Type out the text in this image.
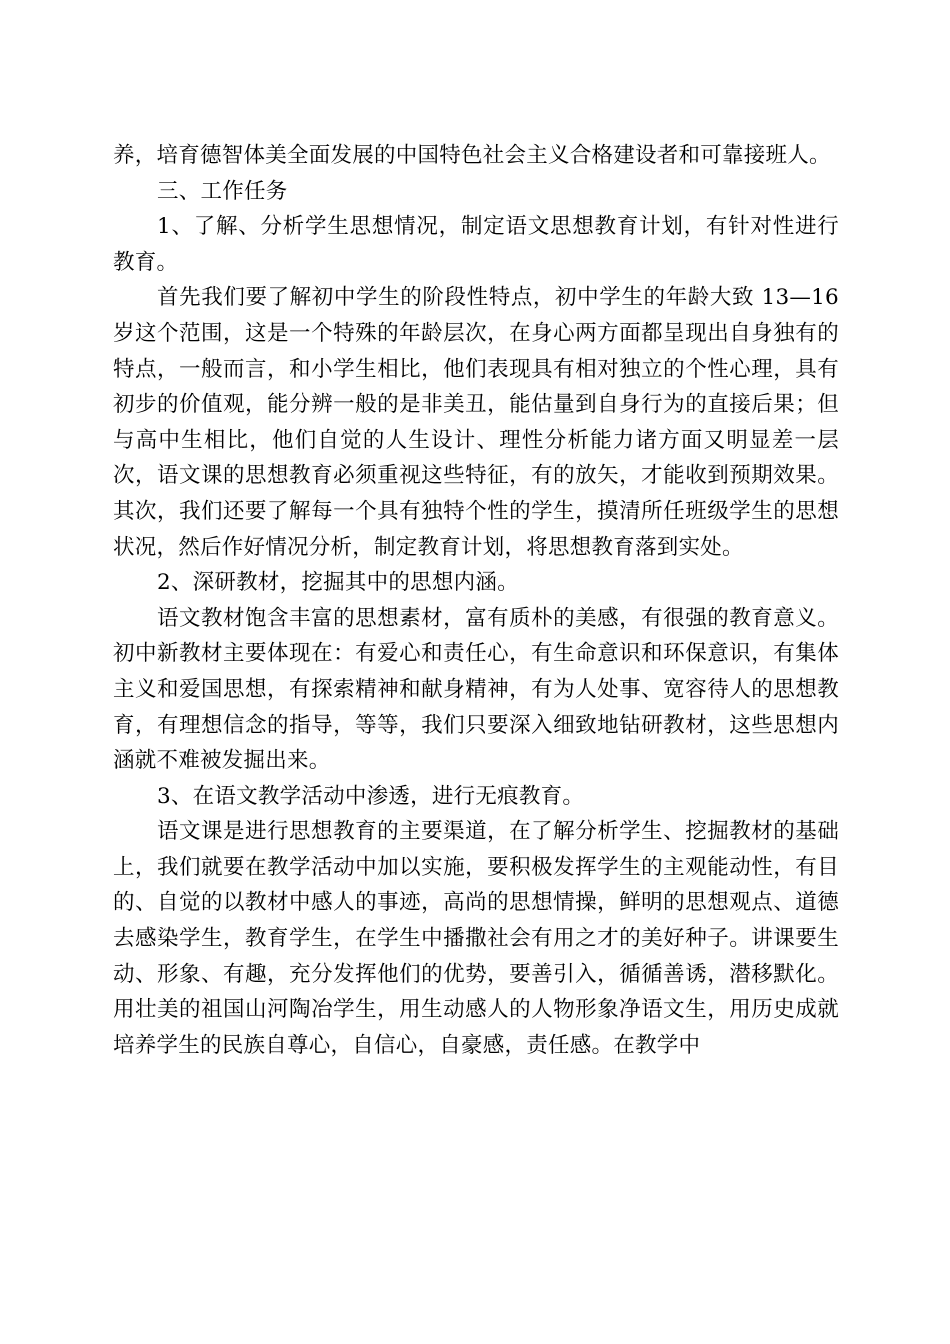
养，培育德智体美全面发展的中国特色社会主义合格建设者和可靠接班人。

三、工作任务

1、了解、分析学生思想情况，制定语文思想教育计划，有针对性进行教育。

首先我们要了解初中学生的阶段性特点，初中学生的年龄大致 13—16 岁这个范围，这是一个特殊的年龄层次，在身心两方面都呈现出自身独有的特点，一般而言，和小学生相比，他们表现具有相对独立的个性心理，具有初步的价值观，能分辨一般的是非美丑，能估量到自身行为的直接后果；但与高中生相比，他们自觉的人生设计、理性分析能力诸方面又明显差一层次，语文课的思想教育必须重视这些特征，有的放矢，才能收到预期效果。其次，我们还要了解每一个具有独特个性的学生，摸清所任班级学生的思想状况，然后作好情况分析，制定教育计划，将思想教育落到实处。

2、深研教材，挖掘其中的思想内涵。

语文教材饱含丰富的思想素材，富有质朴的美感，有很强的教育意义。初中新教材主要体现在：有爱心和责任心，有生命意识和环保意识，有集体主义和爱国思想，有探索精神和献身精神，有为人处事、宽容待人的思想教育，有理想信念的指导，等等，我们只要深入细致地钻研教材，这些思想内涵就不难被发掘出来。

3、在语文教学活动中渗透，进行无痕教育。

语文课是进行思想教育的主要渠道，在了解分析学生、挖掘教材的基础上，我们就要在教学活动中加以实施，要积极发挥学生的主观能动性，有目的、自觉的以教材中感人的事迹，高尚的思想情操，鲜明的思想观点、道德去感染学生，教育学生，在学生中播撒社会有用之才的美好种子。讲课要生动、形象、有趣，充分发挥他们的优势，要善引入，循循善诱，潜移默化。用壮美的祖国山河陶冶学生，用生动感人的人物形象净语文生，用历史成就培养学生的民族自尊心，自信心，自豪感，责任感。在教学中
